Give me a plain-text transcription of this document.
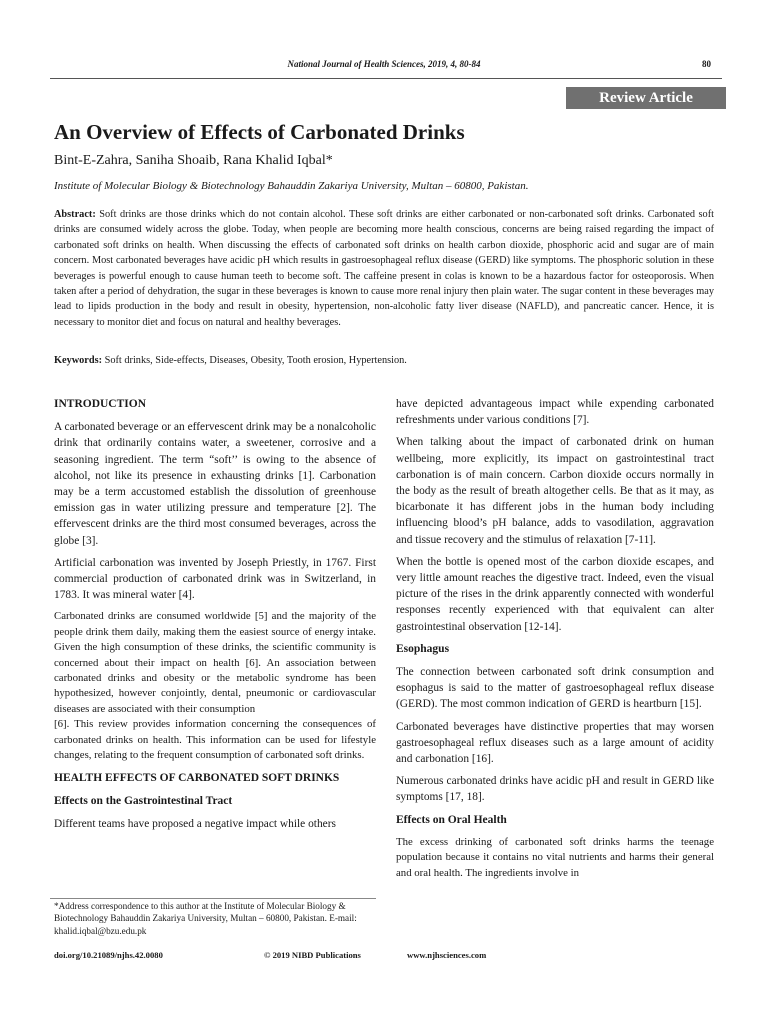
National Journal of Health Sciences, 2019, 4, 80-84	80
Review Article
An Overview of Effects of Carbonated Drinks
Bint-E-Zahra, Saniha Shoaib, Rana Khalid Iqbal*
Institute of Molecular Biology & Biotechnology Bahauddin Zakariya University, Multan – 60800, Pakistan.
Abstract: Soft drinks are those drinks which do not contain alcohol. These soft drinks are either carbonated or non-carbonated soft drinks. Carbonated soft drinks are consumed widely across the globe. Today, when people are becoming more health conscious, concerns are being raised regarding the impact of carbonated soft drinks on health. When discussing the effects of carbonated soft drinks on health carbon dioxide, phosphoric acid and sugar are of main concern. Most carbonated beverages have acidic pH which results in gastroesophageal reflux disease (GERD) like symptoms. The phosphoric solution in these beverages is powerful enough to cause human teeth to become soft. The caffeine present in colas is known to be a hazardous factor for osteoporosis. When taken after a period of dehydration, the sugar in these beverages is known to cause more renal injury then plain water. The sugar content in these beverages may lead to lipids production in the body and result in obesity, hypertension, non-alcoholic fatty liver disease (NAFLD), and pancreatic cancer. Hence, it is necessary to monitor diet and focus on natural and healthy beverages.
Keywords: Soft drinks, Side-effects, Diseases, Obesity, Tooth erosion, Hypertension.
INTRODUCTION

A carbonated beverage or an effervescent drink may be a nonalcoholic drink that ordinarily contains water, a sweetener, corrosive and a seasoning ingredient. The term “soft’’ is owing to the absence of alcohol, not like its presence in exhausting drinks [1]. Carbonation may be a term accustomed establish the dissolution of greenhouse emission gas in water utilizing pressure and temperature [2]. The effervescent drinks are the third most consumed beverages, across the globe [3].

Artificial carbonation was invented by Joseph Priestly, in 1767. First commercial production of carbonated drink was in Switzerland, in 1783. It was mineral water [4].

Carbonated drinks are consumed worldwide [5] and the majority of the people drink them daily, making them the easiest source of energy intake. Given the high consumption of these drinks, the scientific community is concerned about their impact on health [6]. An association between carbonated drinks and obesity or the metabolic syndrome has been hypothesized, however conjointly, dental, pneumonic or cardiovascular diseases are associated with their consumption

[6]. This review provides information concerning the consequences of carbonated drinks on health. This information can be used for lifestyle changes, relating to the frequent consumption of carbonated soft drinks.

HEALTH EFFECTS OF CARBONATED SOFT DRINKS
Effects on the Gastrointestinal Tract

Different teams have proposed a negative impact while others

have depicted advantageous impact while expending carbonated refreshments under various conditions [7].

When talking about the impact of carbonated drink on human wellbeing, more explicitly, its impact on gastrointestinal tract carbonation is of main concern. Carbon dioxide occurs normally in the body as the result of breath altogether cells. Be that as it may, as bicarbonate it has different jobs in the human body including influencing blood’s pH balance, adds to vasodilation, aggravation and tissue recovery and the stimulus of relaxation [7-11].

When the bottle is opened most of the carbon dioxide escapes, and very little amount reaches the digestive tract. Indeed, even the visual picture of the rises in the drink apparently connected with wonderful responses recently experienced with that equivalent can alter gastrointestinal observation [12-14].

Esophagus

The connection between carbonated soft drink consumption and esophagus is said to the matter of gastroesophageal reflux disease (GERD). The most common indication of GERD is heartburn [15].

Carbonated beverages have distinctive properties that may worsen gastroesophageal reflux diseases such as a large amount of acidity and carbonation [16].

Numerous carbonated drinks have acidic pH and result in GERD like symptoms [17, 18].

Effects on Oral Health

The excess drinking of carbonated soft drinks harms the teenage population because it contains no vital nutrients and harms their general and oral health. The ingredients involve in

*Address correspondence to this author at the Institute of Molecular Biology & Biotechnology Bahauddin Zakariya University, Multan – 60800, Pakistan. E-mail: khalid.iqbal@bzu.edu.pk
doi.org/10.21089/njhs.42.0080	© 2019 NIBD Publications	www.njhsciences.com
